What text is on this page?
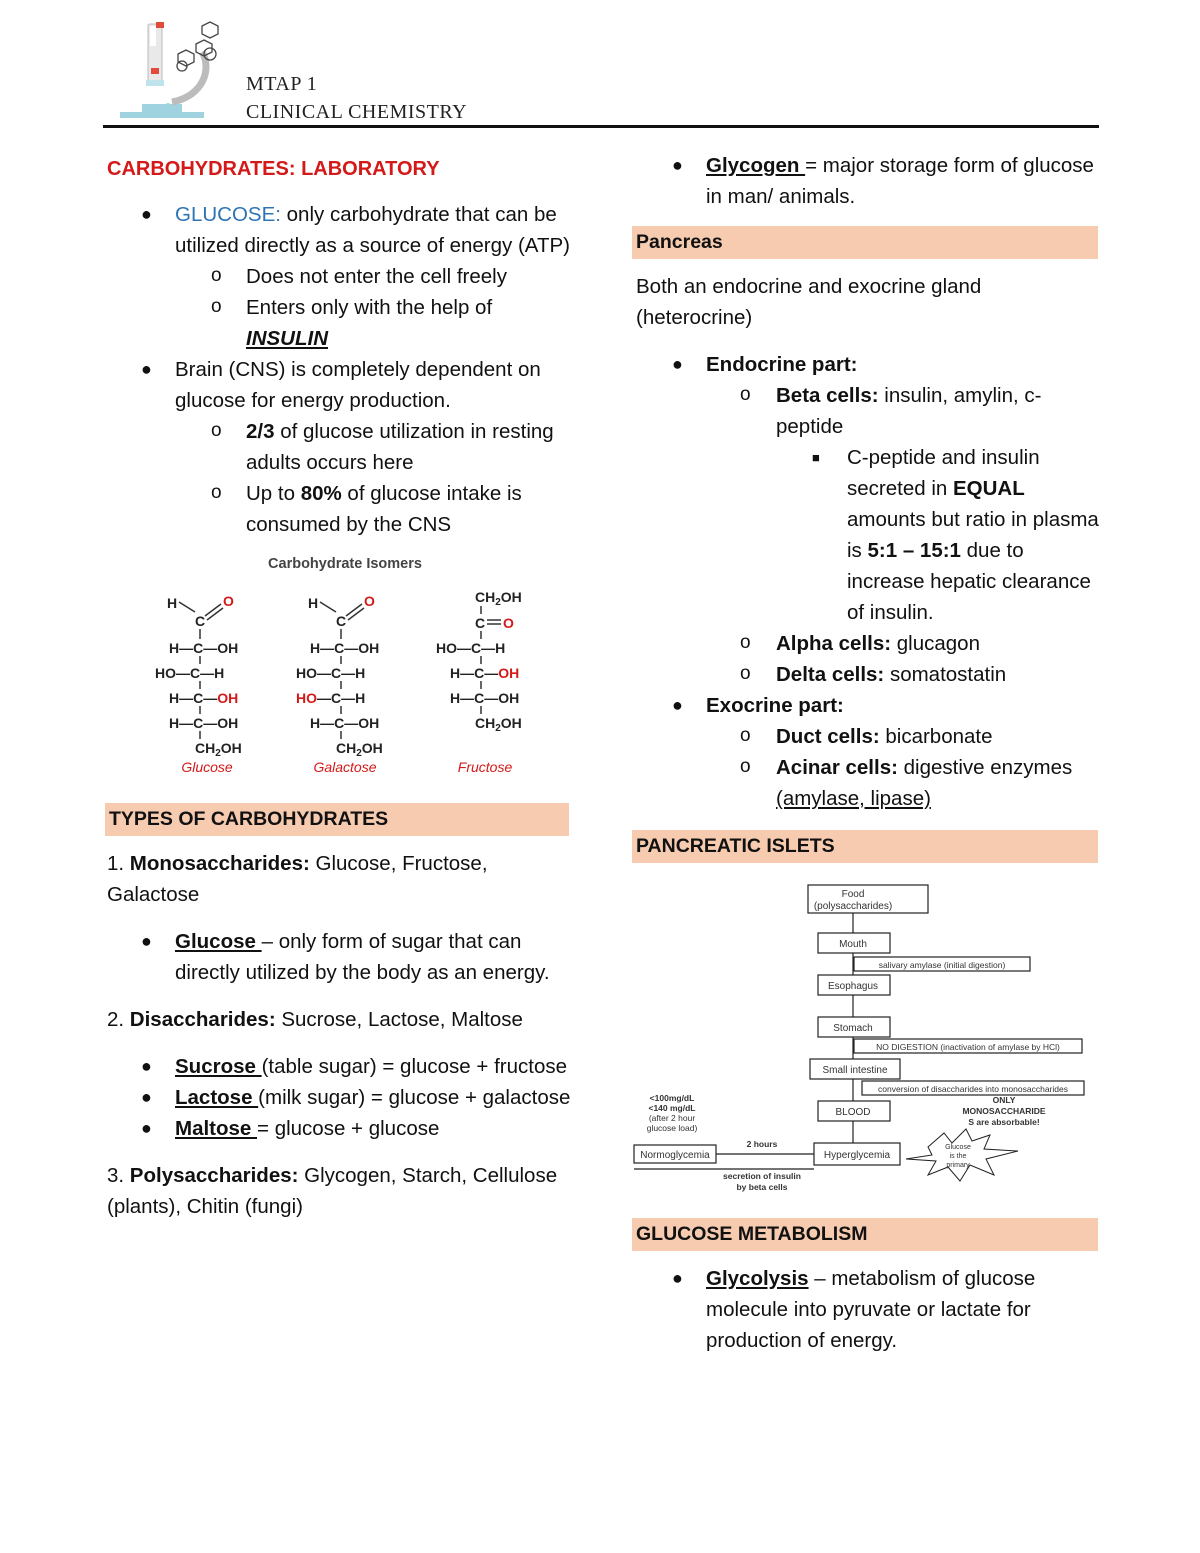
MTAP 1
CLINICAL CHEMISTRY
CARBOHYDRATES: LABORATORY
● GLUCOSE: only carbohydrate that can be utilized directly as a source of energy (ATP)
o Does not enter the cell freely
o Enters only with the help of INSULIN
● Brain (CNS) is completely dependent on glucose for energy production.
o 2/3 of glucose utilization in resting adults occurs here
o Up to 80% of glucose intake is consumed by the CNS
Carbohydrate Isomers
H
C
O
H—C—OH
HO—C—H
H—C—OH
H—C—OH
$CH_2OH$
H
C
O
H—C—OH
HO—C—H
HO—C—H
H—C—OH
$CH_2OH$
$CH_2OH$
C O
HO—C—H
H—C—OH
H—C—OH
$CH_2OH$
Glucose	Galactose	Fructose
TYPES OF CARBOHYDRATES
1. Monosaccharides: Glucose, Fructose, Galactose
● Glucose – only form of sugar that can directly utilized by the body as an energy.
2. Disaccharides: Sucrose, Lactose, Maltose
● Sucrose (table sugar) = glucose + fructose
● Lactose (milk sugar) = glucose + galactose
● Maltose = glucose + glucose
3. Polysaccharides: Glycogen, Starch, Cellulose (plants), Chitin (fungi)
● Glycogen = major storage form of glucose in man/ animals.
Pancreas
Both an endocrine and exocrine gland (heterocrine)
● Endocrine part:
o Beta cells: insulin, amylin, c-peptide
■ C-peptide and insulin secreted in EQUAL amounts but ratio in plasma is 5:1 – 15:1 due to increase hepatic clearance of insulin.
o Alpha cells: glucagon
o Delta cells: somatostatin
● Exocrine part:
o Duct cells: bicarbonate
o Acinar cells: digestive enzymes (amylase, lipase)
PANCREATIC ISLETS
Food
(polysaccharides)
Mouth
salivary amylase (initial digestion)
Esophagus
Stomach
NO DIGESTION (inactivation of amylase by HCl)
Small intestine
conversion of disaccharides into monosaccharides
BLOOD
ONLY
MONOSACCHARIDE
S are absorbable!
Hyperglycemia
Normoglycemia
2 hours
secretion of insulin
by beta cells
<100mg/dL
<140 mg/dL
(after 2 hour
glucose load)
Glucose
is the
primary
GLUCOSE METABOLISM
● Glycolysis – metabolism of glucose molecule into pyruvate or lactate for production of energy.
